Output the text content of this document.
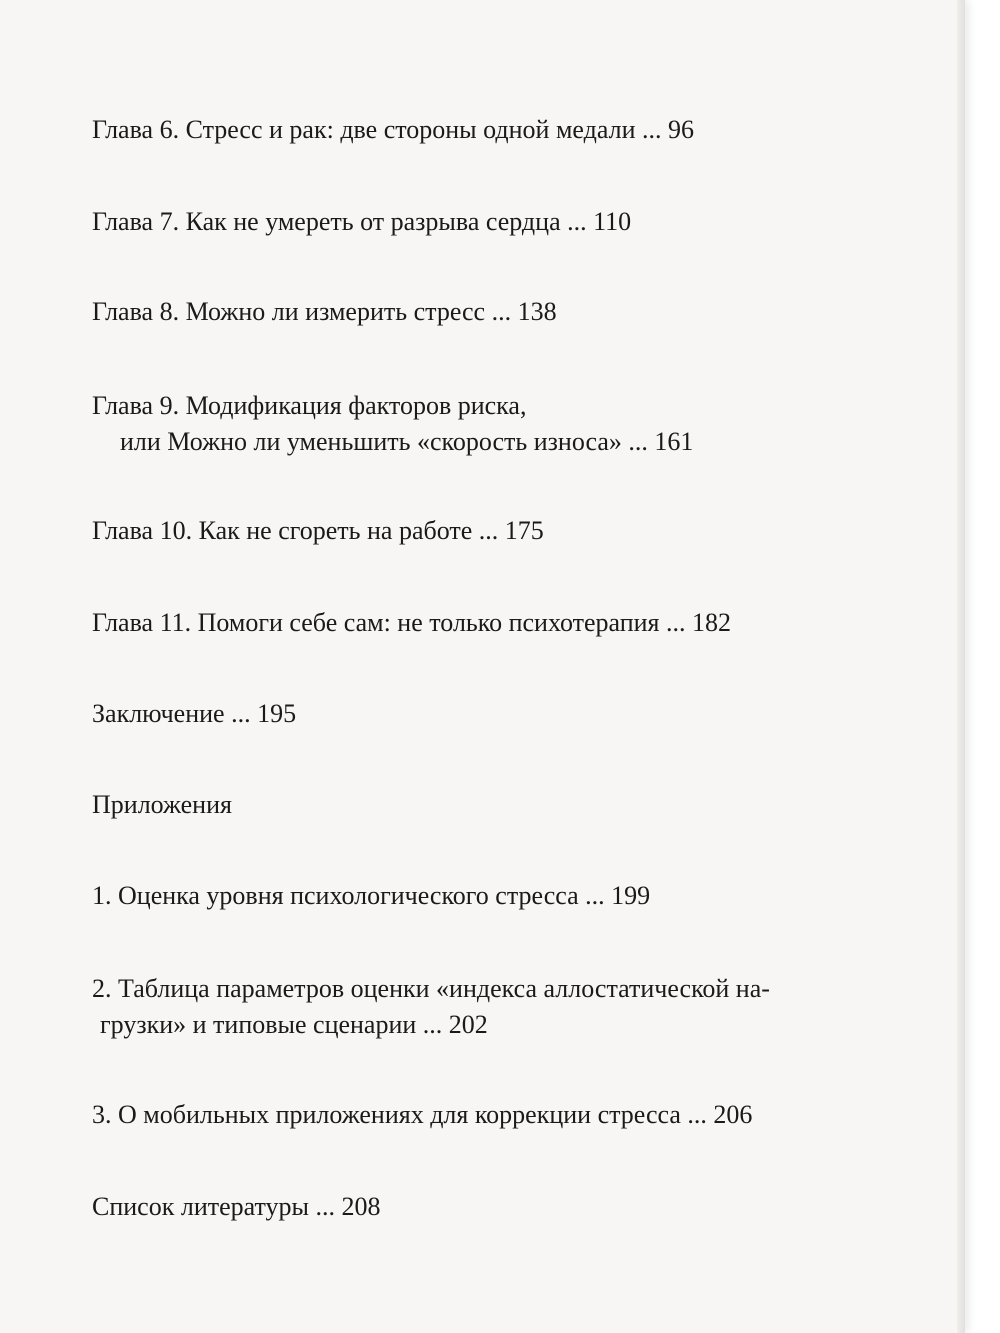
Глава 6. Стресс и рак: две стороны одной медали ... 96
Глава 7. Как не умереть от разрыва сердца ... 110
Глава 8. Можно ли измерить стресс ... 138
Глава 9. Модификация факторов риска,
или Можно ли уменьшить «скорость износа» ... 161
Глава 10. Как не сгореть на работе ... 175
Глава 11. Помоги себе сам: не только психотерапия ... 182
Заключение ... 195
Приложения
1. Оценка уровня психологического стресса ... 199
2. Таблица параметров оценки «индекса аллостатической на-
грузки» и типовые сценарии ... 202
3. О мобильных приложениях для коррекции стресса ... 206
Список литературы ... 208
